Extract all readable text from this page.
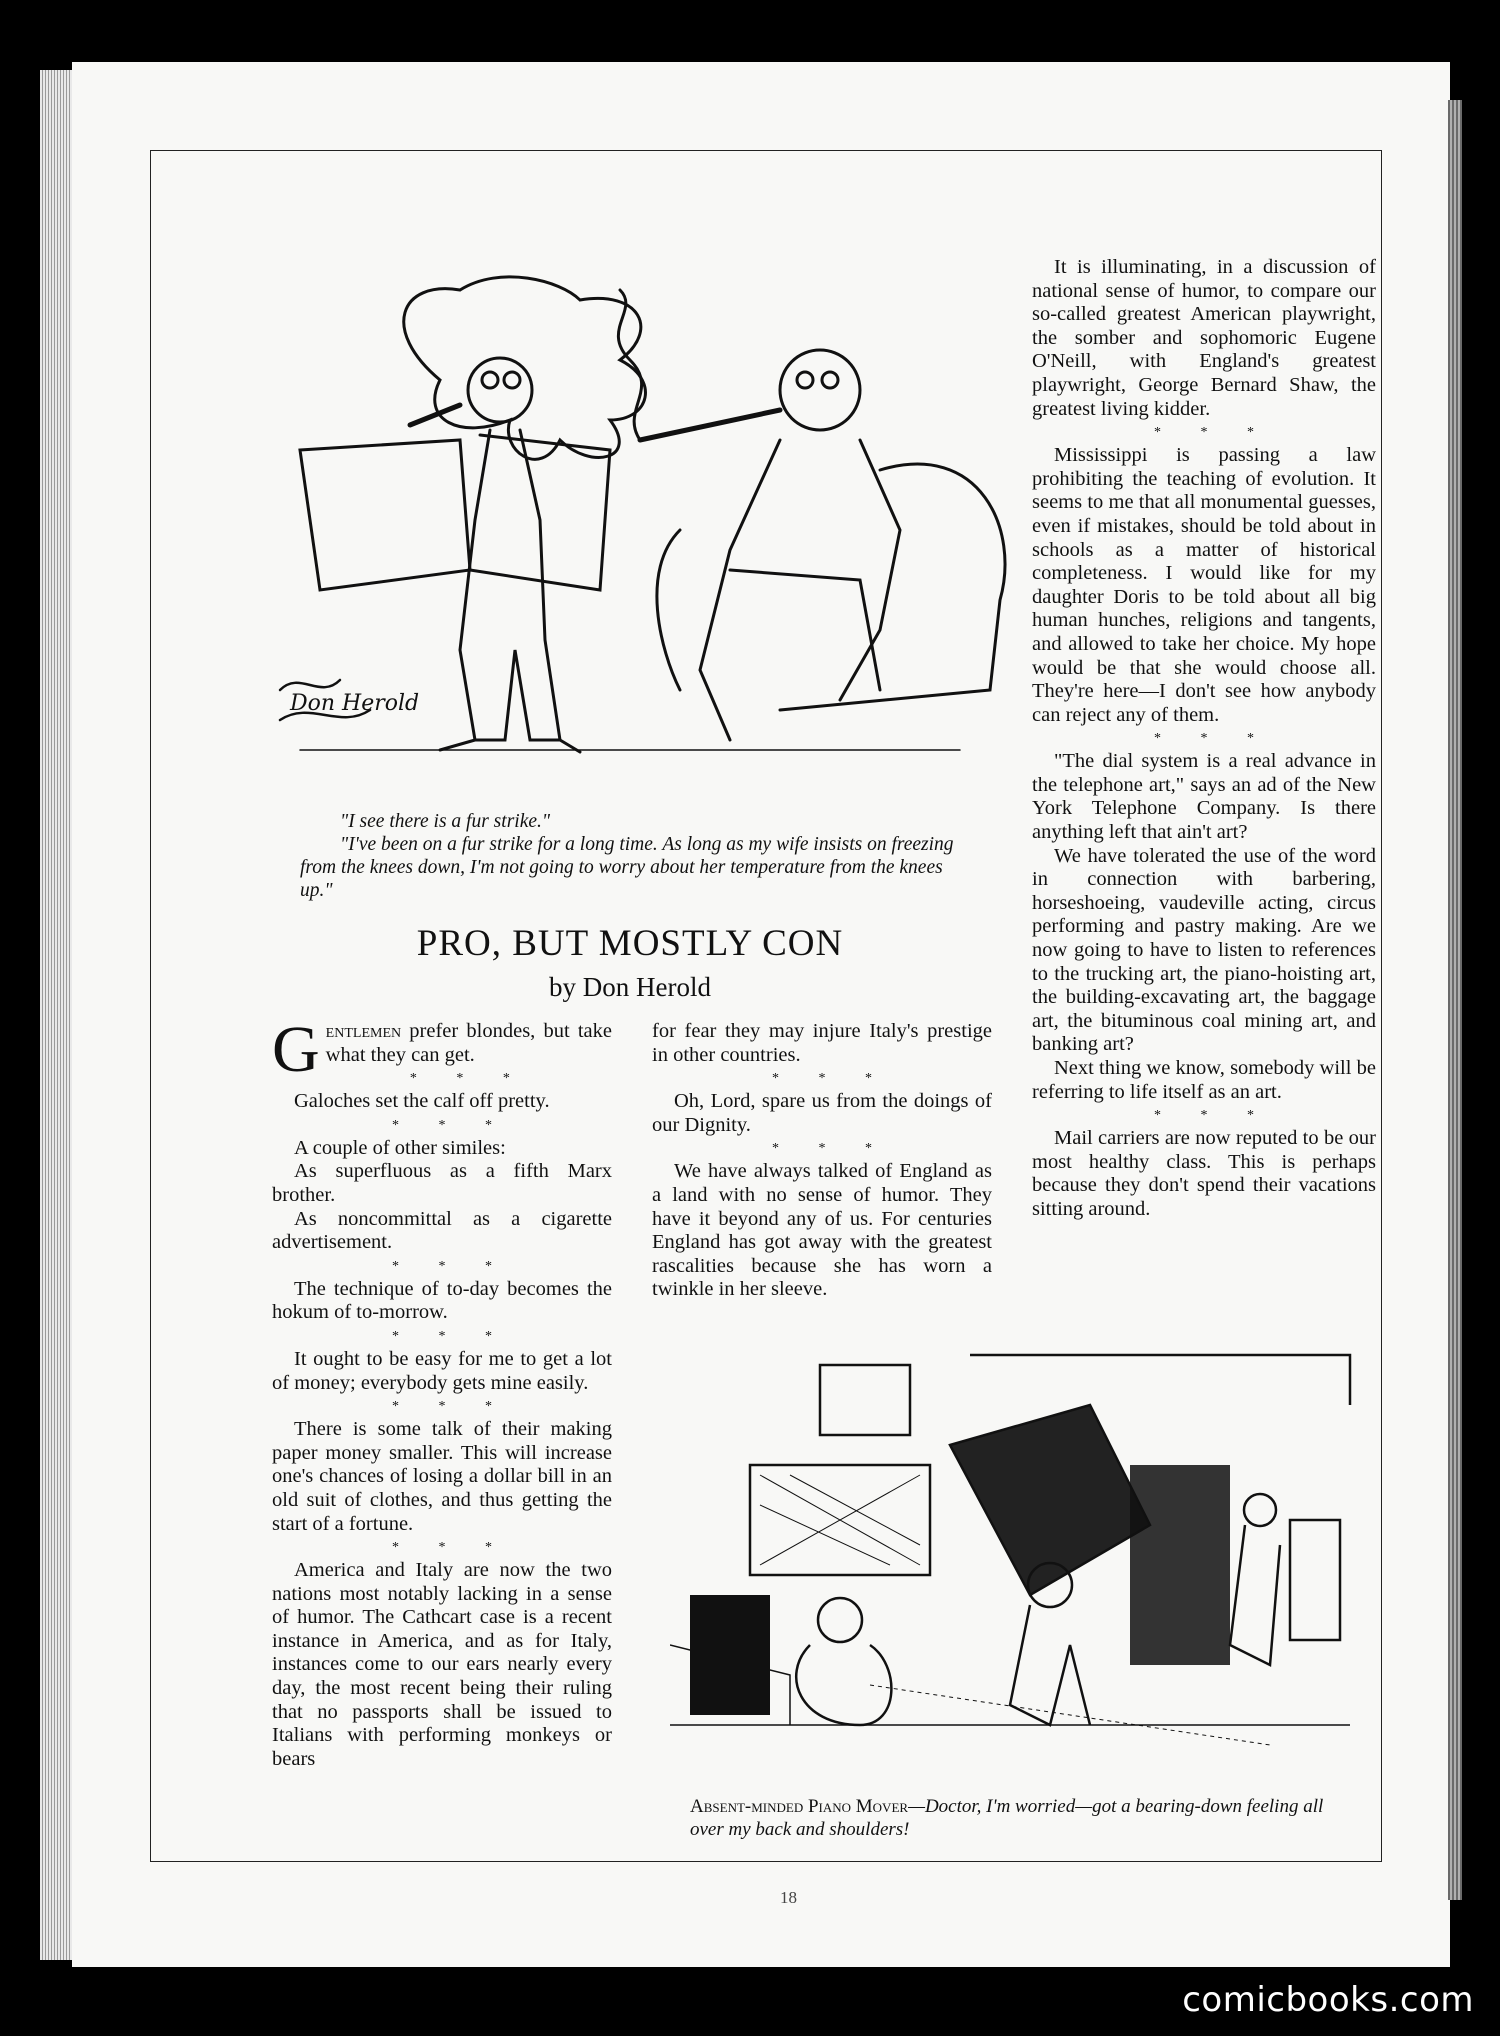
Don Herold
"I see there is a fur strike."
"I've been on a fur strike for a long time. As long as my wife insists on freezing from the knees down, I'm not going to worry about her temperature from the knees up."
PRO, BUT MOSTLY CON
by Don Herold

Gentlemen prefer blondes, but take what they can get.

* * *

Galoches set the calf off pretty.

* * *

A couple of other similes:

As superfluous as a fifth Marx brother.

As noncommittal as a cigarette advertisement.

* * *

The technique of to-day becomes the hokum of to-morrow.

* * *

It ought to be easy for me to get a lot of money; everybody gets mine easily.

* * *

There is some talk of their making paper money smaller. This will increase one's chances of losing a dollar bill in an old suit of clothes, and thus getting the start of a fortune.

* * *

America and Italy are now the two nations most notably lacking in a sense of humor. The Cathcart case is a recent instance in America, and as for Italy, instances come to our ears nearly every day, the most recent being their ruling that no passports shall be issued to Italians with performing monkeys or bears

for fear they may injure Italy's prestige in other countries.

* * *

Oh, Lord, spare us from the doings of our Dignity.

* * *

We have always talked of England as a land with no sense of humor. They have it beyond any of us. For centuries England has got away with the greatest rascalities because she has worn a twinkle in her sleeve.

It is illuminating, in a discussion of national sense of humor, to compare our so-called greatest American playwright, the somber and sophomoric Eugene O'Neill, with England's greatest playwright, George Bernard Shaw, the greatest living kidder.

* * *

Mississippi is passing a law prohibiting the teaching of evolution. It seems to me that all monumental guesses, even if mistakes, should be told about in schools as a matter of historical completeness. I would like for my daughter Doris to be told about all big human hunches, religions and tangents, and allowed to take her choice. My hope would be that she would choose all. They're here—I don't see how anybody can reject any of them.

* * *

"The dial system is a real advance in the telephone art," says an ad of the New York Telephone Company. Is there anything left that ain't art?

We have tolerated the use of the word in connection with barbering, horseshoeing, vaudeville acting, circus performing and pastry making. Are we now going to have to listen to references to the trucking art, the piano-hoisting art, the building-excavating art, the baggage art, the bituminous coal mining art, and banking art?

Next thing we know, somebody will be referring to life itself as an art.

* * *

Mail carriers are now reputed to be our most healthy class. This is perhaps because they don't spend their vacations sitting around.

Absent-minded Piano Mover—Doctor, I'm worried—got a bearing-down feeling all over my back and shoulders!
18
comicbooks.com
